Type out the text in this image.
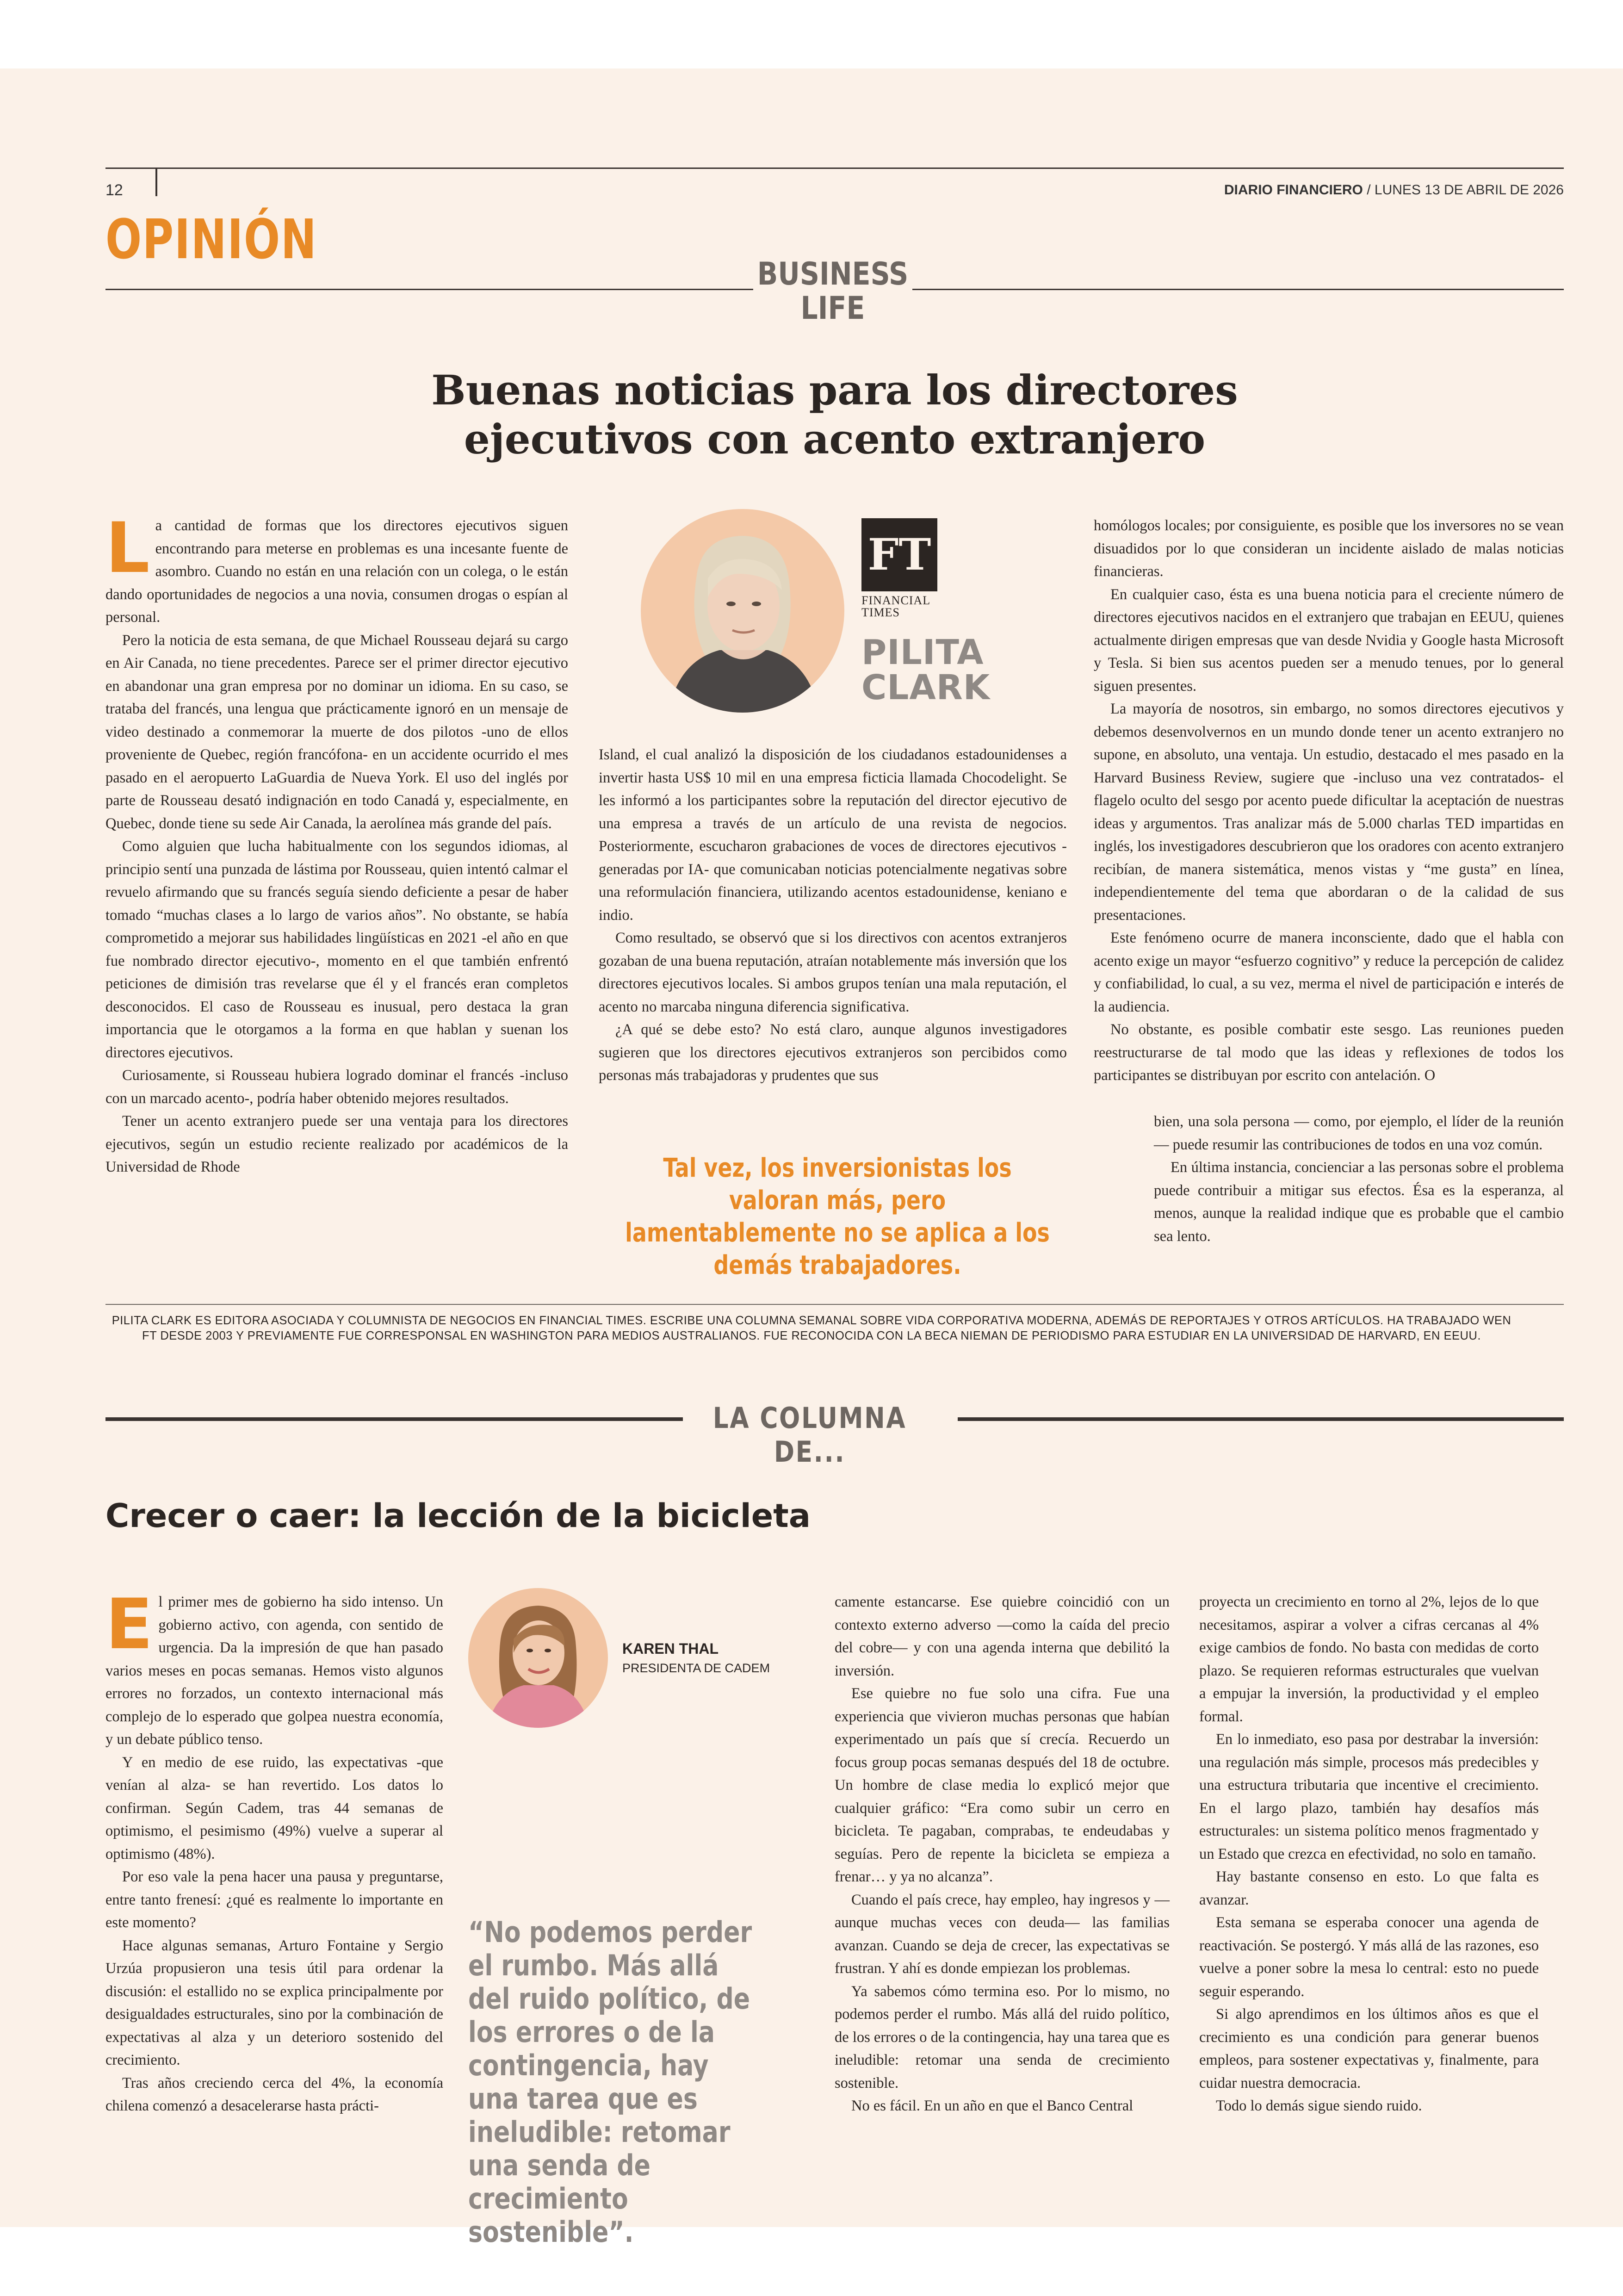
12	DIARIO FINANCIERO / LUNES 13 DE ABRIL DE 2026
OPINIÓN
BUSINESS
LIFE
Buenas noticias para los directores
ejecutivos con acento extranjero
L a cantidad de formas que los directores ejecutivos siguen encontrando para meterse en problemas es una incesante fuente de asombro. Cuando no están en una relación con un colega, o le están dando oportunidades de negocios a una novia, consumen drogas o espían al personal.

Pero la noticia de esta semana, de que Michael Rousseau dejará su cargo en Air Canada, no tiene precedentes. Parece ser el primer director ejecutivo en abandonar una gran empresa por no dominar un idioma. En su caso, se trataba del francés, una lengua que prácticamente ignoró en un mensaje de video destinado a conmemorar la muerte de dos pilotos -uno de ellos proveniente de Quebec, región francófona- en un accidente ocurrido el mes pasado en el aeropuerto LaGuardia de Nueva York. El uso del inglés por parte de Rousseau desató indignación en todo Canadá y, especialmente, en Quebec, donde tiene su sede Air Canada, la aerolínea más grande del país.

Como alguien que lucha habitualmente con los segundos idiomas, al principio sentí una punzada de lástima por Rousseau, quien intentó calmar el revuelo afirmando que su francés seguía siendo deficiente a pesar de haber tomado “muchas clases a lo largo de varios años”. No obstante, se había comprometido a mejorar sus habilidades lingüísticas en 2021 -el año en que fue nombrado director ejecutivo-, momento en el que también enfrentó peticiones de dimisión tras revelarse que él y el francés eran completos desconocidos. El caso de Rousseau es inusual, pero destaca la gran importancia que le otorgamos a la forma en que hablan y suenan los directores ejecutivos.

Curiosamente, si Rousseau hubiera logrado dominar el francés -incluso con un marcado acento-, podría haber obtenido mejores resultados.

Tener un acento extranjero puede ser una ventaja para los directores ejecutivos, según un estudio reciente realizado por académicos de la Universidad de Rhode

FT
FINANCIAL
TIMES
PILITA
CLARK

Island, el cual analizó la disposición de los ciudadanos estadounidenses a invertir hasta US$ 10 mil en una empresa ficticia llamada Chocodelight. Se les informó a los participantes sobre la reputación del director ejecutivo de una empresa a través de un artículo de una revista de negocios. Posteriormente, escucharon grabaciones de voces de directores ejecutivos -generadas por IA- que comunicaban noticias potencialmente negativas sobre una reformulación financiera, utilizando acentos estadounidense, keniano e indio.

Como resultado, se observó que si los directivos con acentos extranjeros gozaban de una buena reputación, atraían notablemente más inversión que los directores ejecutivos locales. Si ambos grupos tenían una mala reputación, el acento no marcaba ninguna diferencia significativa.

¿A qué se debe esto? No está claro, aunque algunos investigadores sugieren que los directores ejecutivos extranjeros son percibidos como personas más trabajadoras y prudentes que sus

Tal vez, los inversionistas los valoran más, pero lamentablemente no se aplica a los demás trabajadores.

homólogos locales; por consiguiente, es posible que los inversores no se vean disuadidos por lo que consideran un incidente aislado de malas noticias financieras.

En cualquier caso, ésta es una buena noticia para el creciente número de directores ejecutivos nacidos en el extranjero que trabajan en EEUU, quienes actualmente dirigen empresas que van desde Nvidia y Google hasta Microsoft y Tesla. Si bien sus acentos pueden ser a menudo tenues, por lo general siguen presentes.

La mayoría de nosotros, sin embargo, no somos directores ejecutivos y debemos desenvolvernos en un mundo donde tener un acento extranjero no supone, en absoluto, una ventaja. Un estudio, destacado el mes pasado en la Harvard Business Review, sugiere que -incluso una vez contratados- el flagelo oculto del sesgo por acento puede dificultar la aceptación de nuestras ideas y argumentos. Tras analizar más de 5.000 charlas TED impartidas en inglés, los investigadores descubrieron que los oradores con acento extranjero recibían, de manera sistemática, menos vistas y “me gusta” en línea, independientemente del tema que abordaran o de la calidad de sus presentaciones.

Este fenómeno ocurre de manera inconsciente, dado que el habla con acento exige un mayor “esfuerzo cognitivo” y reduce la percepción de calidez y confiabilidad, lo cual, a su vez, merma el nivel de participación e interés de la audiencia.

No obstante, es posible combatir este sesgo. Las reuniones pueden reestructurarse de tal modo que las ideas y reflexiones de todos los participantes se distribuyan por escrito con antelación. O

bien, una sola persona — como, por ejemplo, el líder de la reunión — puede resumir las contribuciones de todos en una voz común.

En última instancia, concienciar a las personas sobre el problema puede contribuir a mitigar sus efectos. Ésa es la esperanza, al menos, aunque la realidad indique que es probable que el cambio sea lento.

PILITA CLARK ES EDITORA ASOCIADA Y COLUMNISTA DE NEGOCIOS EN FINANCIAL TIMES. ESCRIBE UNA COLUMNA SEMANAL SOBRE VIDA CORPORATIVA MODERNA, ADEMÁS DE REPORTAJES Y OTROS ARTÍCULOS. HA TRABAJADO WEN FT DESDE 2003 Y PREVIAMENTE FUE CORRESPONSAL EN WASHINGTON PARA MEDIOS AUSTRALIANOS. FUE RECONOCIDA CON LA BECA NIEMAN DE PERIODISMO PARA ESTUDIAR EN LA UNIVERSIDAD DE HARVARD, EN EEUU.
LA COLUMNA DE...
Crecer o caer: la lección de la bicicleta
E l primer mes de gobierno ha sido intenso. Un gobierno activo, con agenda, con sentido de urgencia. Da la impresión de que han pasado varios meses en pocas semanas. Hemos visto algunos errores no forzados, un contexto internacional más complejo de lo esperado que golpea nuestra economía, y un debate público tenso.

Y en medio de ese ruido, las expectativas -que venían al alza- se han revertido. Los datos lo confirman. Según Cadem, tras 44 semanas de optimismo, el pesimismo (49%) vuelve a superar al optimismo (48%).

Por eso vale la pena hacer una pausa y preguntarse, entre tanto frenesí: ¿qué es realmente lo importante en este momento?

Hace algunas semanas, Arturo Fontaine y Sergio Urzúa propusieron una tesis útil para ordenar la discusión: el estallido no se explica principalmente por desigualdades estructurales, sino por la combinación de expectativas al alza y un deterioro sostenido del crecimiento.

Tras años creciendo cerca del 4%, la economía chilena comenzó a desacelerarse hasta prácti-

KAREN THAL
PRESIDENTA DE CADEM
“No podemos perder el rumbo. Más allá del ruido político, de los errores o de la contingencia, hay una tarea que es ineludible: retomar una senda de crecimiento sostenible”.

camente estancarse. Ese quiebre coincidió con un contexto externo adverso —como la caída del precio del cobre— y con una agenda interna que debilitó la inversión.

Ese quiebre no fue solo una cifra. Fue una experiencia que vivieron muchas personas que habían experimentado un país que sí crecía. Recuerdo un focus group pocas semanas después del 18 de octubre. Un hombre de clase media lo explicó mejor que cualquier gráfico: “Era como subir un cerro en bicicleta. Te pagaban, comprabas, te endeudabas y seguías. Pero de repente la bicicleta se empieza a frenar… y ya no alcanza”.

Cuando el país crece, hay empleo, hay ingresos y —aunque muchas veces con deuda— las familias avanzan. Cuando se deja de crecer, las expectativas se frustran. Y ahí es donde empiezan los problemas.

Ya sabemos cómo termina eso. Por lo mismo, no podemos perder el rumbo. Más allá del ruido político, de los errores o de la contingencia, hay una tarea que es ineludible: retomar una senda de crecimiento sostenible.

No es fácil. En un año en que el Banco Central

proyecta un crecimiento en torno al 2%, lejos de lo que necesitamos, aspirar a volver a cifras cercanas al 4% exige cambios de fondo. No basta con medidas de corto plazo. Se requieren reformas estructurales que vuelvan a empujar la inversión, la productividad y el empleo formal.

En lo inmediato, eso pasa por destrabar la inversión: una regulación más simple, procesos más predecibles y una estructura tributaria que incentive el crecimiento. En el largo plazo, también hay desafíos más estructurales: un sistema político menos fragmentado y un Estado que crezca en efectividad, no solo en tamaño.

Hay bastante consenso en esto. Lo que falta es avanzar.

Esta semana se esperaba conocer una agenda de reactivación. Se postergó. Y más allá de las razones, eso vuelve a poner sobre la mesa lo central: esto no puede seguir esperando.

Si algo aprendimos en los últimos años es que el crecimiento es una condición para generar buenos empleos, para sostener expectativas y, finalmente, para cuidar nuestra democracia.

Todo lo demás sigue siendo ruido.
